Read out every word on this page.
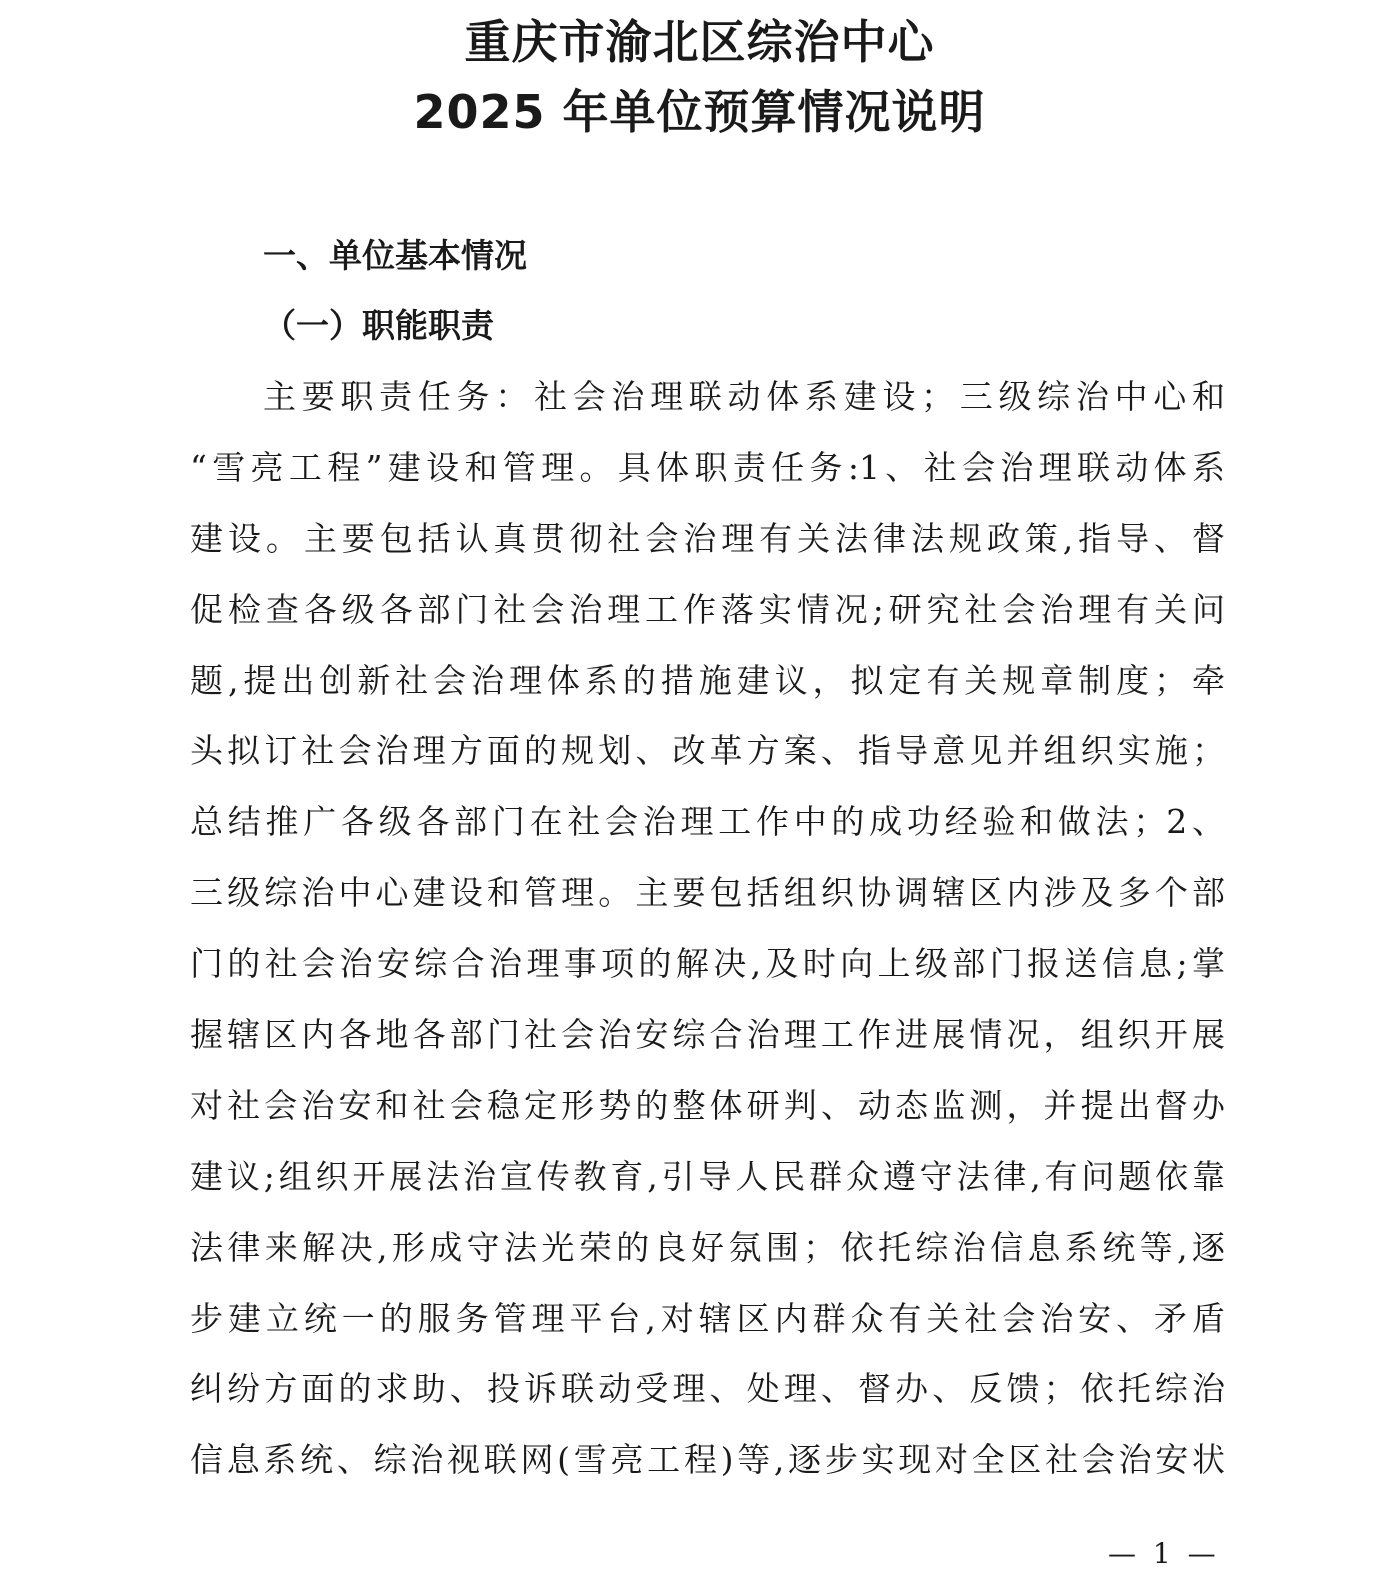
重庆市渝北区综治中心
2025 年单位预算情况说明
一、单位基本情况
（一）职能职责
主要职责任务：社会治理联动体系建设；三级综治中心和
“雪亮工程”建设和管理。具体职责任务:1、社会治理联动体系
建设。主要包括认真贯彻社会治理有关法律法规政策,指导、督
促检查各级各部门社会治理工作落实情况;研究社会治理有关问
题,提出创新社会治理体系的措施建议，拟定有关规章制度；牵
头拟订社会治理方面的规划、改革方案、指导意见并组织实施；
总结推广各级各部门在社会治理工作中的成功经验和做法；2、
三级综治中心建设和管理。主要包括组织协调辖区内涉及多个部
门的社会治安综合治理事项的解决,及时向上级部门报送信息;掌
握辖区内各地各部门社会治安综合治理工作进展情况，组织开展
对社会治安和社会稳定形势的整体研判、动态监测，并提出督办
建议;组织开展法治宣传教育,引导人民群众遵守法律,有问题依靠
法律来解决,形成守法光荣的良好氛围；依托综治信息系统等,逐
步建立统一的服务管理平台,对辖区内群众有关社会治安、矛盾
纠纷方面的求助、投诉联动受理、处理、督办、反馈；依托综治
信息系统、综治视联网(雪亮工程)等,逐步实现对全区社会治安状
— 1 —
